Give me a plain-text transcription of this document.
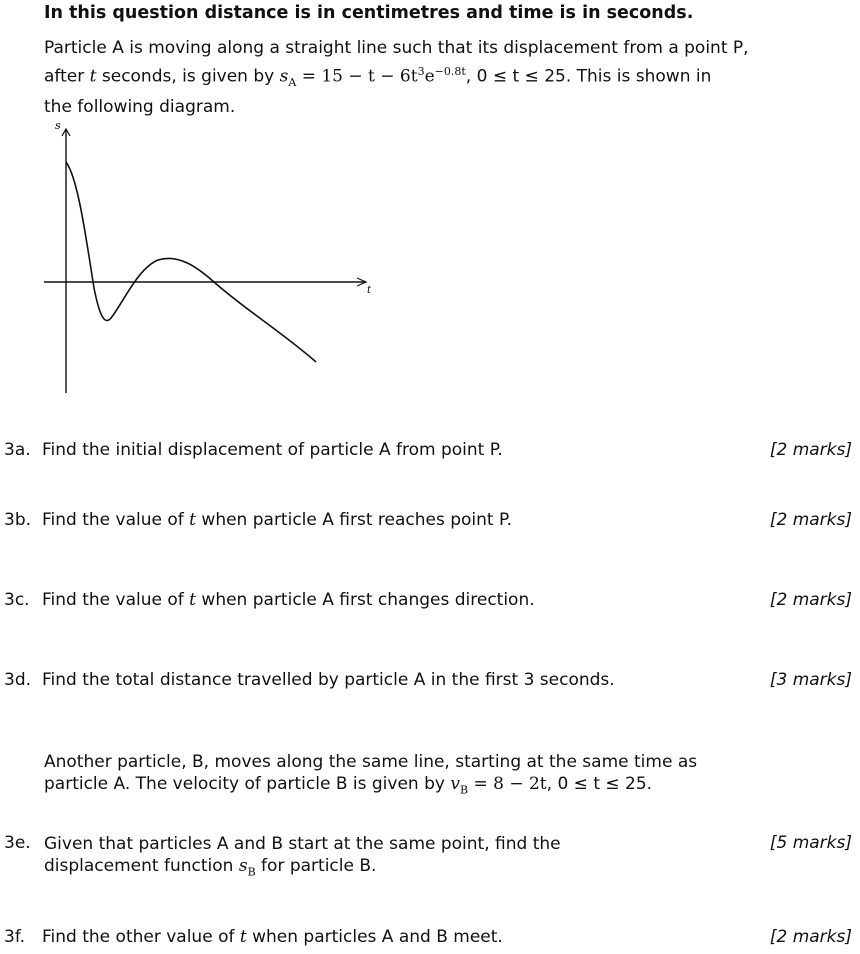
In this question distance is in centimetres and time is in seconds.
Particle A is moving along a straight line such that its displacement from a point P,
after t seconds, is given by $s_A = 15 - t - 6t^3e^{-0.8t}$, 0 ≤ t ≤ 25. This is shown in
the following diagram.
s
t
3a. Find the initial displacement of particle A from point P.	[2 marks]
3b. Find the value of t when particle A first reaches point P.	[2 marks]
3c. Find the value of t when particle A first changes direction.	[2 marks]
3d. Find the total distance travelled by particle A in the first 3 seconds.	[3 marks]
Another particle, B, moves along the same line, starting at the same time as
particle A. The velocity of particle B is given by $v_B = 8 - 2t$, 0 ≤ t ≤ 25.
3e. Given that particles A and B start at the same point, find the
displacement function $s_B$ for particle B.
[5 marks]
3f. Find the other value of t when particles A and B meet.	[2 marks]
